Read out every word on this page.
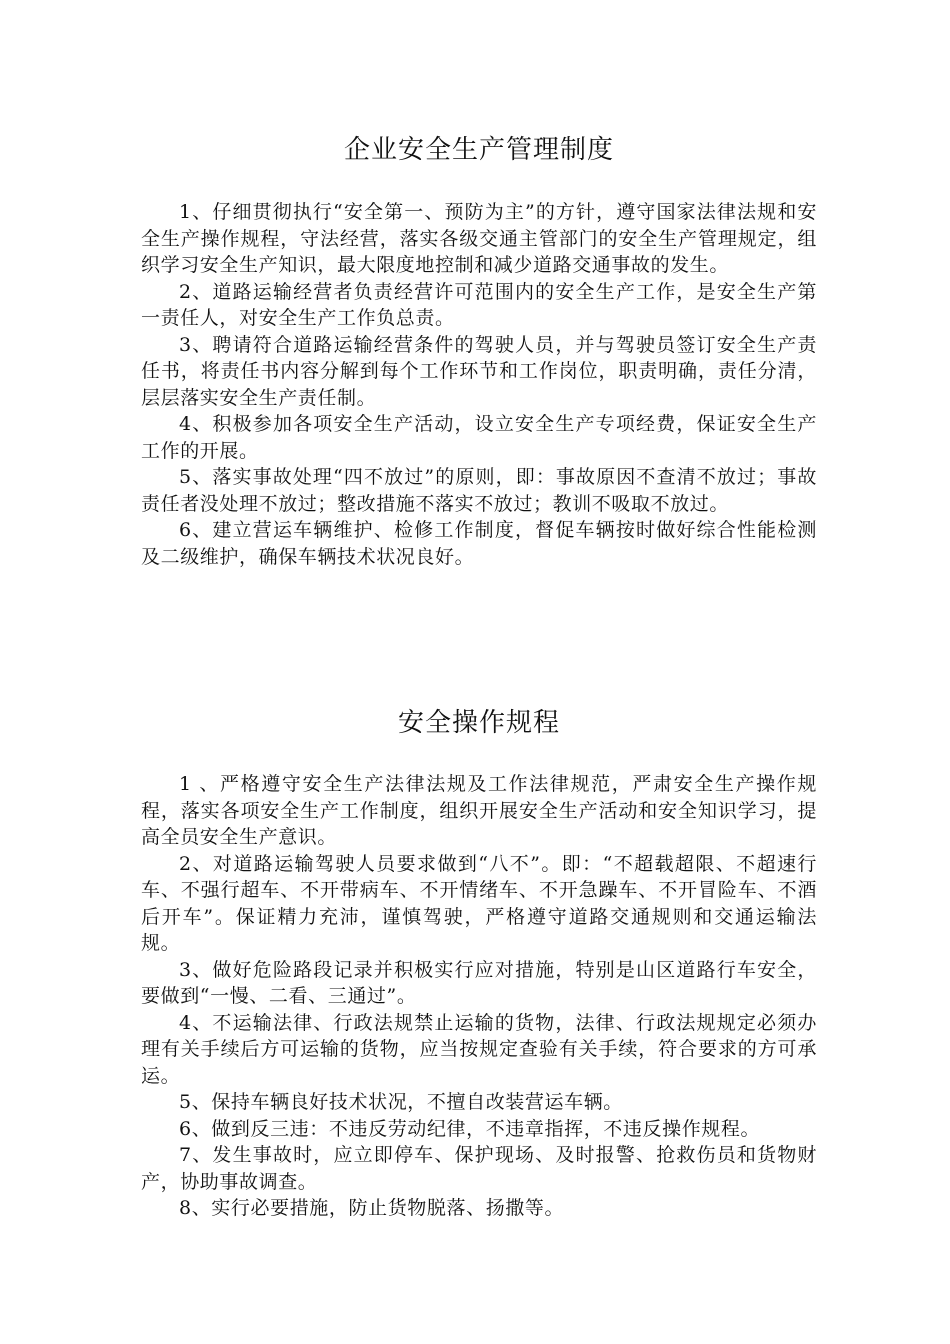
企业安全生产管理制度

1、仔细贯彻执行“安全第一、预防为主”的方针，遵守国家法律法规和安全生产操作规程，守法经营，落实各级交通主管部门的安全生产管理规定，组织学习安全生产知识，最大限度地控制和减少道路交通事故的发生。

2、道路运输经营者负责经营许可范围内的安全生产工作，是安全生产第一责任人，对安全生产工作负总责。

3、聘请符合道路运输经营条件的驾驶人员，并与驾驶员签订安全生产责任书，将责任书内容分解到每个工作环节和工作岗位，职责明确，责任分清，层层落实安全生产责任制。

4、积极参加各项安全生产活动，设立安全生产专项经费，保证安全生产工作的开展。

5、落实事故处理“四不放过”的原则，即：事故原因不查清不放过；事故责任者没处理不放过；整改措施不落实不放过；教训不吸取不放过。

6、建立营运车辆维护、检修工作制度，督促车辆按时做好综合性能检测及二级维护，确保车辆技术状况良好。

安全操作规程

1 、严格遵守安全生产法律法规及工作法律规范，严肃安全生产操作规程，落实各项安全生产工作制度，组织开展安全生产活动和安全知识学习，提高全员安全生产意识。

2、对道路运输驾驶人员要求做到“八不”。即：“不超载超限、不超速行车、不强行超车、不开带病车、不开情绪车、不开急躁车、不开冒险车、不酒后开车”。保证精力充沛，谨慎驾驶，严格遵守道路交通规则和交通运输法规。

3、做好危险路段记录并积极实行应对措施，特别是山区道路行车安全，要做到“一慢、二看、三通过”。

4、不运输法律、行政法规禁止运输的货物，法律、行政法规规定必须办理有关手续后方可运输的货物，应当按规定查验有关手续，符合要求的方可承运。

5、保持车辆良好技术状况，不擅自改装营运车辆。

6、做到反三违：不违反劳动纪律，不违章指挥，不违反操作规程。

7、发生事故时，应立即停车、保护现场、及时报警、抢救伤员和货物财产，协助事故调查。

8、实行必要措施，防止货物脱落、扬撒等。
